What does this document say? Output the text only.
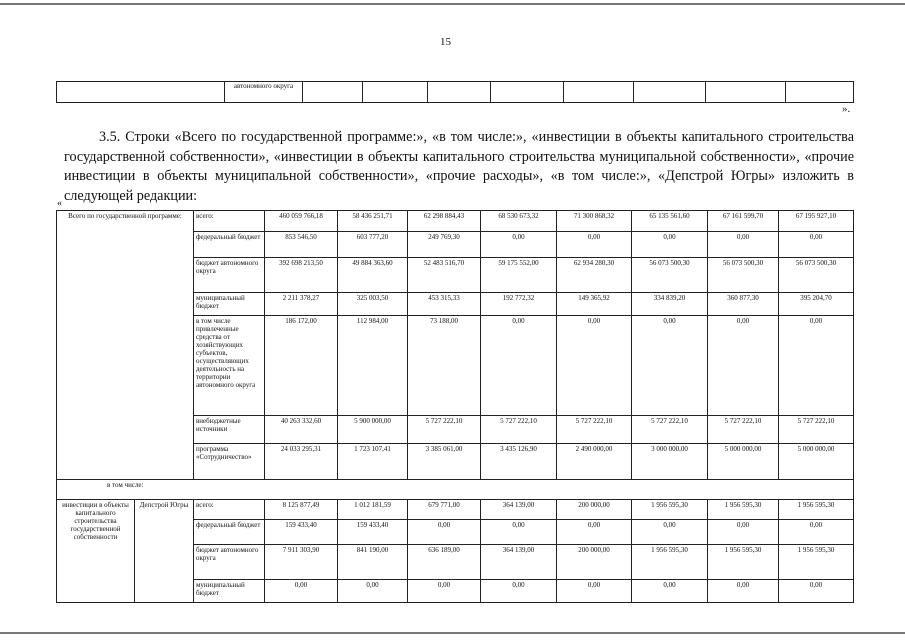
15
	автономного округа								
».

3.5. Строки «Всего по государственной программе:», «в том числе:», «инвестиции в объекты капитального строительства государственной собственности», «инвестиции в объекты капитального строительства муниципальной собственности», «прочие инвестиции в объекты муниципальной собственности», «прочие расходы», «в том числе:», «Депстрой Югры» изложить в следующей редакции:

«
Всего по государственной программе:		всего:	460 059 766,18	58 436 251,71	62 298 884,43	68 530 673,32	71 300 868,32	65 135 561,60	67 161 599,70	67 195 927,10
		федеральный бюджет	853 546,50	603 777,20	249 769,30	0,00	0,00	0,00	0,00	0,00
		бюджет автономного округа	392 698 213,50	49 884 363,60	52 483 516,70	59 175 552,00	62 934 280,30	56 073 500,30	56 073 500,30	56 073 500,30
		муниципальный бюджет	2 211 378,27	325 003,50	453 315,33	192 772,32	149 365,92	334 839,20	360 877,30	395 204,70
		в том числе привлеченные средства от хозяйствующих субъектов, осуществляющих деятельность на территории автономного округа	186 172,00	112 984,00	73 188,00	0,00	0,00	0,00	0,00	0,00
		внебюджетные источники	40 263 332,60	5 900 000,00	5 727 222,10	5 727 222,10	5 727 222,10	5 727 222,10	5 727 222,10	5 727 222,10
		программа «Сотрудничество»	24 033 295,31	1 723 107,41	3 385 061,00	3 435 126,90	2 490 000,00	3 000 000,00	5 000 000,00	5 000 000,00
в том числе:										
инвестиции в объекты капитального строительства государственной собственности	Депстрой Югры	всего:	8 125 877,49	1 012 181,59	679 771,00	364 139,00	200 000,00	1 956 595,30	1 956 595,30	1 956 595,30
		федеральный бюджет	159 433,40	159 433,40	0,00	0,00	0,00	0,00	0,00	0,00
		бюджет автономного округа	7 911 303,90	841 190,00	636 189,00	364 139,00	200 000,00	1 956 595,30	1 956 595,30	1 956 595,30
		муниципальный бюджет	0,00	0,00	0,00	0,00	0,00	0,00	0,00	0,00
